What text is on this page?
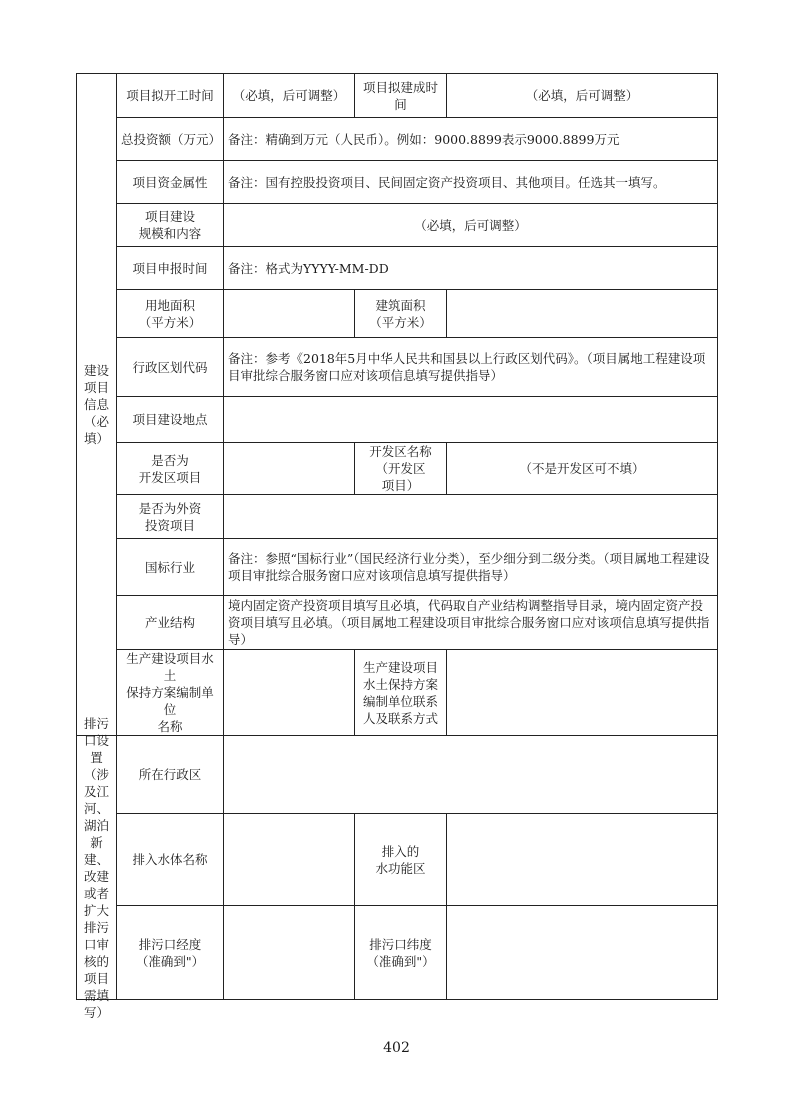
建设项目信息（必填）	项目拟开工时间	（必填，后可调整）	项目拟建成时
间	（必填，后可调整）
	总投资额（万元）	备注：精确到万元（人民币）。例如：9000.8899表示9000.8899万元		
	项目资金属性	备注：国有控股投资项目、民间固定资产投资项目、其他项目。任选其一填写。		
	项目建设
规模和内容	（必填，后可调整）		
	项目申报时间	备注：格式为YYYY-MM-DD		
	用地面积
（平方米）		建筑面积
（平方米）	
	行政区划代码	备注：参考《2018年5月中华人民共和国县以上行政区划代码》。（项目属地工程建设项目审批综合服务窗口应对该项信息填写提供指导）		
	项目建设地点			
	是否为
开发区项目		开发区名称
（开发区
项目）	（不是开发区可不填）
	是否为外资
投资项目			
	国标行业	备注：参照“国标行业”（国民经济行业分类），至少细分到二级分类。（项目属地工程建设项目审批综合服务窗口应对该项信息填写提供指导）		
	产业结构	境内固定资产投资项目填写且必填，代码取自产业结构调整指导目录，境内固定资产投资项目填写且必填。（项目属地工程建设项目审批综合服务窗口应对该项信息填写提供指导）		
	生产建设项目水土
保持方案编制单位
名称		生产建设项目
水土保持方案
编制单位联系
人及联系方式	

排污口设置（涉及江河、湖泊新建、改建或者扩大排污口审核的项目需填写）	所在行政区			
	排入水体名称		排入的
水功能区	
	排污口经度
（准确到"）		排污口纬度
（准确到"）	
402
